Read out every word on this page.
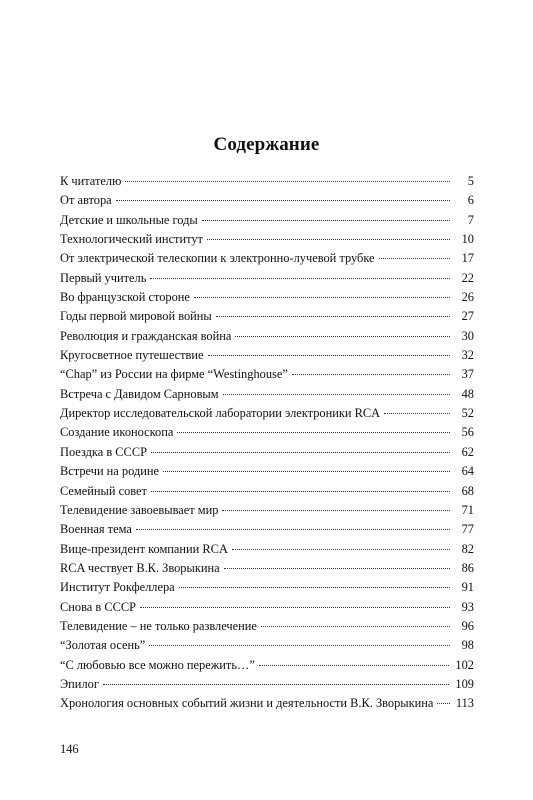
Содержание
К читателю	5
От автора	6
Детские и школьные годы	7
Технологический институт	10
От электрической телескопии к электронно-лучевой трубке	17
Первый учитель	22
Во французской стороне	26
Годы первой мировой войны	27
Революция и гражданская война	30
Кругосветное путешествие	32
“Chap” из России на фирме “Westinghouse”	37
Встреча с Давидом Сарновым	48
Директор исследовательской лаборатории электроники RCA	52
Создание иконоскопа	56
Поездка в СССР	62
Встречи на родине	64
Семейный совет	68
Телевидение завоевывает мир	71
Военная тема	77
Вице-президент компании RCA	82
RCA чествует В.К. Зворыкина	86
Институт Рокфеллера	91
Снова в СССР	93
Телевидение – не только развлечение	96
“Золотая осень”	98
“С любовью все можно пережить…”	102
Эпилог	109
Хронология основных событий жизни и деятельности В.К. Зворыкина 113
146
